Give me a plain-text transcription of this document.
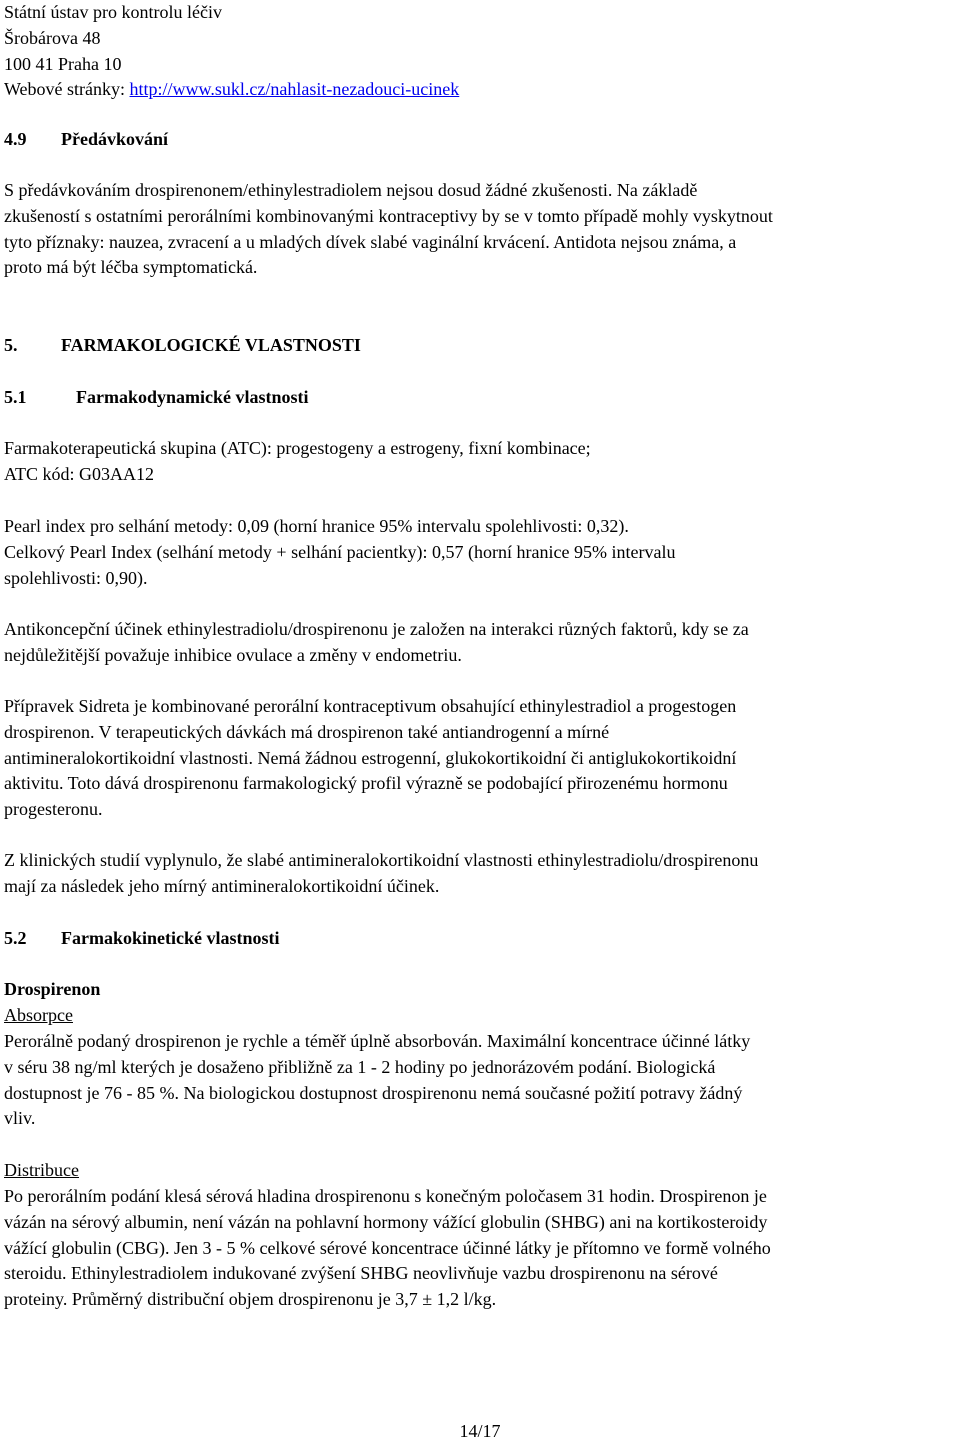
Státní ústav pro kontrolu léčiv
Šrobárova 48
100 41 Praha 10
Webové stránky: http://www.sukl.cz/nahlasit-nezadouci-ucinek
4.9 Předávkování
S předávkováním drospirenonem/ethinylestradiolem nejsou dosud žádné zkušenosti. Na základě
zkušeností s ostatními perorálními kombinovanými kontraceptivy by se v tomto případě mohly vyskytnout
tyto příznaky: nauzea, zvracení a u mladých dívek slabé vaginální krvácení. Antidota nejsou známa, a
proto má být léčba symptomatická.
5. FARMAKOLOGICKÉ VLASTNOSTI
5.1	Farmakodynamické vlastnosti
Farmakoterapeutická skupina (ATC): progestogeny a estrogeny, fixní kombinace;
ATC kód: G03AA12
Pearl index pro selhání metody: 0,09 (horní hranice 95% intervalu spolehlivosti: 0,32).
Celkový Pearl Index (selhání metody + selhání pacientky): 0,57 (horní hranice 95% intervalu
spolehlivosti: 0,90).
Antikoncepční účinek ethinylestradiolu/drospirenonu je založen na interakci různých faktorů, kdy se za
nejdůležitější považuje inhibice ovulace a změny v endometriu.
Přípravek Sidreta je kombinované perorální kontraceptivum obsahující ethinylestradiol a progestogen
drospirenon. V terapeutických dávkách má drospirenon také antiandrogenní a mírné
antimineralokortikoidní vlastnosti. Nemá žádnou estrogenní, glukokortikoidní či antiglukokortikoidní
aktivitu. Toto dává drospirenonu farmakologický profil výrazně se podobající přirozenému hormonu
progesteronu.
Z klinických studií vyplynulo, že slabé antimineralokortikoidní vlastnosti ethinylestradiolu/drospirenonu
mají za následek jeho mírný antimineralokortikoidní účinek.
5.2 Farmakokinetické vlastnosti
Drospirenon
Absorpce
Perorálně podaný drospirenon je rychle a téměř úplně absorbován. Maximální koncentrace účinné látky
v séru 38 ng/ml kterých je dosaženo přibližně za 1 - 2 hodiny po jednorázovém podání. Biologická
dostupnost je 76 - 85 %. Na biologickou dostupnost drospirenonu nemá současné požití potravy žádný
vliv.
Distribuce
Po perorálním podání klesá sérová hladina drospirenonu s konečným poločasem 31 hodin. Drospirenon je
vázán na sérový albumin, není vázán na pohlavní hormony vážící globulin (SHBG) ani na kortikosteroidy
vážící globulin (CBG). Jen 3 - 5 % celkové sérové koncentrace účinné látky je přítomno ve formě volného
steroidu. Ethinylestradiolem indukované zvýšení SHBG neovlivňuje vazbu drospirenonu na sérové
proteiny. Průměrný distribuční objem drospirenonu je 3,7 ± 1,2 l/kg.
14/17
